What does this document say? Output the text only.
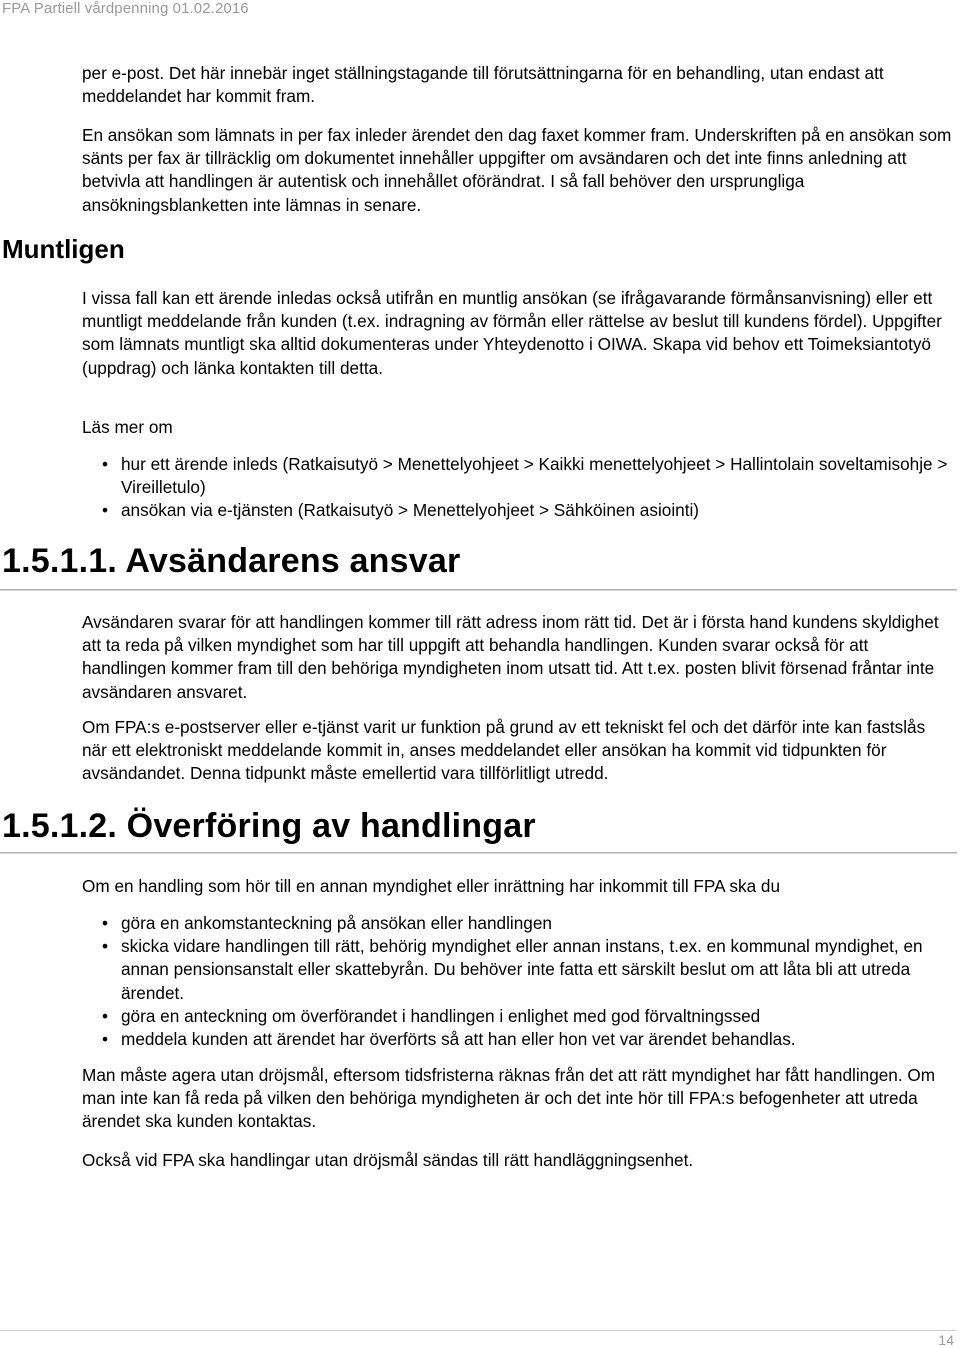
FPA Partiell vårdpenning 01.02.2016

per e-post. Det här innebär inget ställningstagande till förutsättningarna för en behandling, utan endast att meddelandet har kommit fram.

En ansökan som lämnats in per fax inleder ärendet den dag faxet kommer fram. Underskriften på en ansökan som sänts per fax är tillräcklig om dokumentet innehåller uppgifter om avsändaren och det inte finns anledning att betvivla att handlingen är autentisk och innehållet oförändrat. I så fall behöver den ursprungliga ansökningsblanketten inte lämnas in senare.

Muntligen

I vissa fall kan ett ärende inledas också utifrån en muntlig ansökan (se ifrågavarande förmånsanvisning) eller ett muntligt meddelande från kunden (t.ex. indragning av förmån eller rättelse av beslut till kundens fördel). Uppgifter som lämnats muntligt ska alltid dokumenteras under Yhteydenotto i OIWA. Skapa vid behov ett Toimeksiantotyö (uppdrag) och länka kontakten till detta.

Läs mer om

• hur ett ärende inleds (Ratkaisutyö > Menettelyohjeet > Kaikki menettelyohjeet > Hallintolain soveltamisohje > Vireilletulo)
• ansökan via e-tjänsten (Ratkaisutyö > Menettelyohjeet > Sähköinen asiointi)
1.5.1.1. Avsändarens ansvar

Avsändaren svarar för att handlingen kommer till rätt adress inom rätt tid. Det är i första hand kundens skyldighet att ta reda på vilken myndighet som har till uppgift att behandla handlingen. Kunden svarar också för att handlingen kommer fram till den behöriga myndigheten inom utsatt tid. Att t.ex. posten blivit försenad fråntar inte avsändaren ansvaret.

Om FPA:s e-postserver eller e-tjänst varit ur funktion på grund av ett tekniskt fel och det därför inte kan fastslås när ett elektroniskt meddelande kommit in, anses meddelandet eller ansökan ha kommit vid tidpunkten för avsändandet. Denna tidpunkt måste emellertid vara tillförlitligt utredd.

1.5.1.2. Överföring av handlingar

Om en handling som hör till en annan myndighet eller inrättning har inkommit till FPA ska du

• göra en ankomstanteckning på ansökan eller handlingen
• skicka vidare handlingen till rätt, behörig myndighet eller annan instans, t.ex. en kommunal myndighet, en annan pensionsanstalt eller skattebyrån. Du behöver inte fatta ett särskilt beslut om att låta bli att utreda ärendet.
• göra en anteckning om överförandet i handlingen i enlighet med god förvaltningssed
• meddela kunden att ärendet har överförts så att han eller hon vet var ärendet behandlas.

Man måste agera utan dröjsmål, eftersom tidsfristerna räknas från det att rätt myndighet har fått handlingen. Om man inte kan få reda på vilken den behöriga myndigheten är och det inte hör till FPA:s befogenheter att utreda ärendet ska kunden kontaktas.

Också vid FPA ska handlingar utan dröjsmål sändas till rätt handläggningsenhet.

14
